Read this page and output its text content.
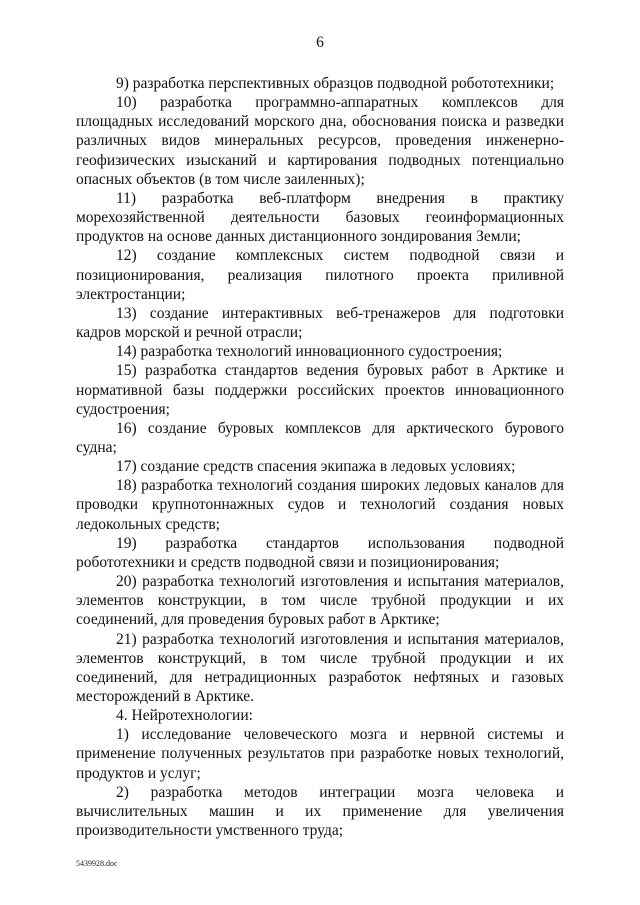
6

9) разработка перспективных образцов подводной робототехники;

10) разработка программно-аппаратных комплексов для площадных исследований морского дна, обоснования поиска и разведки различных видов минеральных ресурсов, проведения инженерно-геофизических изысканий и картирования подводных потенциально опасных объектов (в том числе заиленных);

11) разработка веб-платформ внедрения в практику морехозяйственной деятельности базовых геоинформационных продуктов на основе данных дистанционного зондирования Земли;

12) создание комплексных систем подводной связи и позиционирования, реализация пилотного проекта приливной электростанции;

13) создание интерактивных веб-тренажеров для подготовки кадров морской и речной отрасли;

14) разработка технологий инновационного судостроения;

15) разработка стандартов ведения буровых работ в Арктике и нормативной базы поддержки российских проектов инновационного судостроения;

16) создание буровых комплексов для арктического бурового судна;

17) создание средств спасения экипажа в ледовых условиях;

18) разработка технологий создания широких ледовых каналов для проводки крупнотоннажных судов и технологий создания новых ледокольных средств;

19) разработка стандартов использования подводной робототехники и средств подводной связи и позиционирования;

20) разработка технологий изготовления и испытания материалов, элементов конструкции, в том числе трубной продукции и их соединений, для проведения буровых работ в Арктике;

21) разработка технологий изготовления и испытания материалов, элементов конструкций, в том числе трубной продукции и их соединений, для нетрадиционных разработок нефтяных и газовых месторождений в Арктике.

4. Нейротехнологии:

1) исследование человеческого мозга и нервной системы и применение полученных результатов при разработке новых технологий, продуктов и услуг;

2) разработка методов интеграции мозга человека и вычислительных машин и их применение для увеличения производительности умственного труда;

5439928.doc
